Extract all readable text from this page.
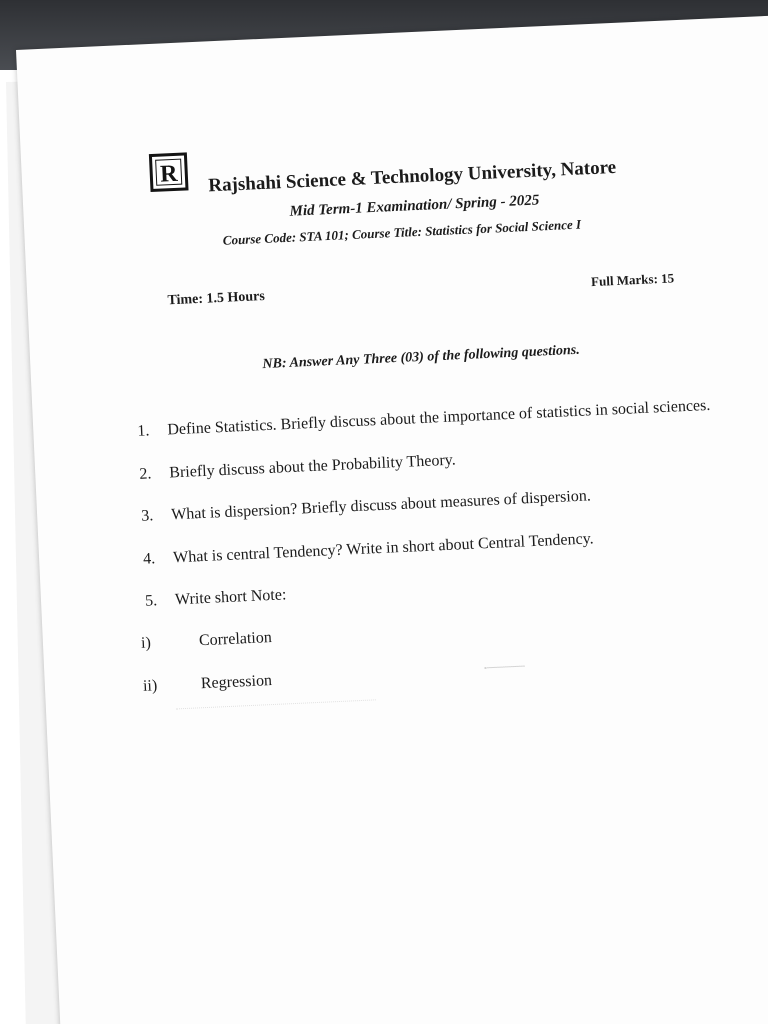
R Rajshahi Science & Technology University, Natore
Mid Term-1 Examination/ Spring - 2025
Course Code: STA 101; Course Title: Statistics for Social Science I
Time: 1.5 Hours
Full Marks: 15
NB: Answer Any Three (03) of the following questions.
1. Define Statistics. Briefly discuss about the importance of statistics in social sciences.
2. Briefly discuss about the Probability Theory.
3. What is dispersion? Briefly discuss about measures of dispersion.
4. What is central Tendency? Write in short about Central Tendency.
5. Write short Note:
i)	Correlation
ii)	Regression
